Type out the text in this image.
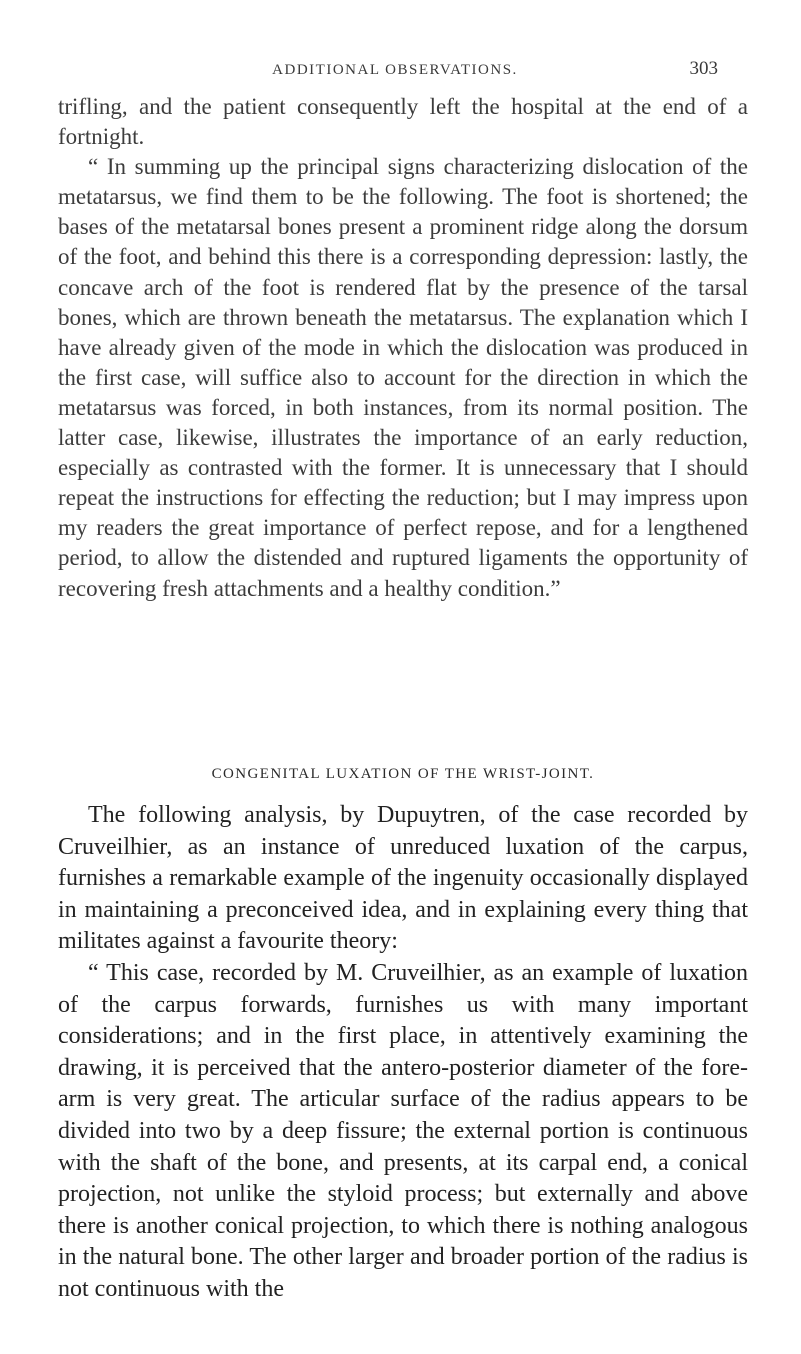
ADDITIONAL OBSERVATIONS.	303

trifling, and the patient consequently left the hospital at the end of a fortnight.

“ In summing up the principal signs characterizing dislocation of the metatarsus, we find them to be the following. The foot is shortened; the bases of the metatarsal bones present a prominent ridge along the dorsum of the foot, and behind this there is a corresponding depression: lastly, the concave arch of the foot is rendered flat by the presence of the tarsal bones, which are thrown beneath the metatarsus. The explanation which I have already given of the mode in which the dislocation was produced in the first case, will suffice also to account for the direction in which the metatarsus was forced, in both instances, from its normal position. The latter case, likewise, illustrates the importance of an early reduction, especially as contrasted with the former. It is unnecessary that I should repeat the instructions for effecting the reduction; but I may impress upon my readers the great importance of perfect repose, and for a lengthened period, to allow the distended and ruptured ligaments the opportunity of recovering fresh attachments and a healthy condition.”

CONGENITAL LUXATION OF THE WRIST-JOINT.

The following analysis, by Dupuytren, of the case recorded by Cruveilhier, as an instance of unreduced luxation of the carpus, furnishes a remarkable example of the ingenuity occasionally displayed in maintaining a preconceived idea, and in explaining every thing that militates against a favourite theory:

“ This case, recorded by M. Cruveilhier, as an example of luxation of the carpus forwards, furnishes us with many important considerations; and in the first place, in attentively examining the drawing, it is perceived that the antero-posterior diameter of the fore-arm is very great. The articular surface of the radius appears to be divided into two by a deep fissure; the external portion is continuous with the shaft of the bone, and presents, at its carpal end, a conical projection, not unlike the styloid process; but externally and above there is another conical projection, to which there is nothing analogous in the natural bone. The other larger and broader portion of the radius is not continuous with the
